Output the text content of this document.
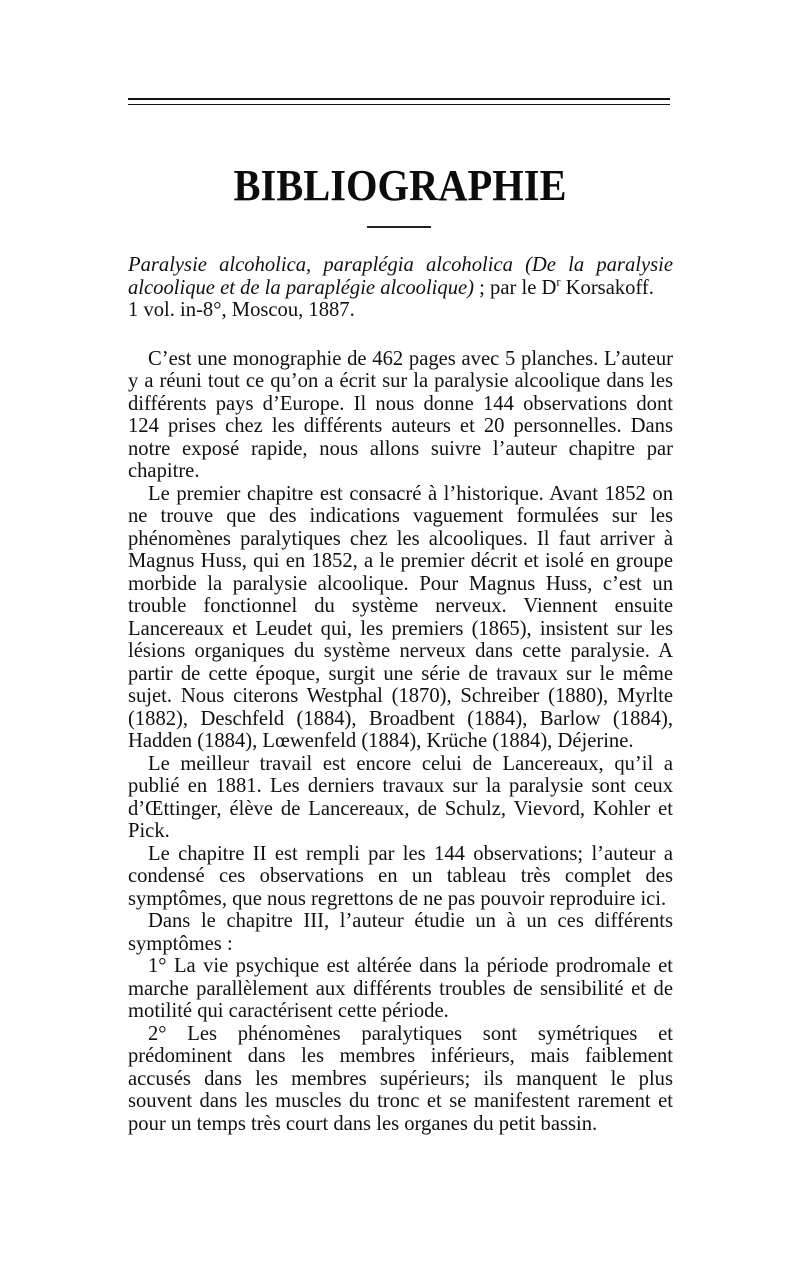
BIBLIOGRAPHIE

Paralysie alcoholica, paraplégia alcoholica (De la paralysie alcoolique et de la paraplégie alcoolique) ; par le $D^r$ Korsakoff.
1 vol. in-8°, Moscou, 1887.

C’est une monographie de 462 pages avec 5 planches. L’auteur y a réuni tout ce qu’on a écrit sur la paralysie alcoolique dans les différents pays d’Europe. Il nous donne 144 observations dont 124 prises chez les différents auteurs et 20 personnelles. Dans notre exposé rapide, nous allons suivre l’auteur chapitre par chapitre.

Le premier chapitre est consacré à l’historique. Avant 1852 on ne trouve que des indications vaguement formulées sur les phénomènes paralytiques chez les alcooliques. Il faut arriver à Magnus Huss, qui en 1852, a le premier décrit et isolé en groupe morbide la paralysie alcoolique. Pour Magnus Huss, c’est un trouble fonctionnel du système nerveux. Viennent ensuite Lancereaux et Leudet qui, les premiers (1865), insistent sur les lésions organiques du système nerveux dans cette paralysie. A partir de cette époque, surgit une série de travaux sur le même sujet. Nous citerons Westphal (1870), Schreiber (1880), Myrlte (1882), Deschfeld (1884), Broadbent (1884), Barlow (1884), Hadden (1884), Lœwenfeld (1884), Krüche (1884), Déjerine.

Le meilleur travail est encore celui de Lancereaux, qu’il a publié en 1881. Les derniers travaux sur la paralysie sont ceux d’Œttinger, élève de Lancereaux, de Schulz, Vievord, Kohler et Pick.

Le chapitre II est rempli par les 144 observations; l’auteur a condensé ces observations en un tableau très complet des symptômes, que nous regrettons de ne pas pouvoir reproduire ici.

Dans le chapitre III, l’auteur étudie un à un ces différents symptômes :

1° La vie psychique est altérée dans la période prodromale et marche parallèlement aux différents troubles de sensibilité et de motilité qui caractérisent cette période.

2° Les phénomènes paralytiques sont symétriques et prédominent dans les membres inférieurs, mais faiblement accusés dans les membres supérieurs; ils manquent le plus souvent dans les muscles du tronc et se manifestent rarement et pour un temps très court dans les organes du petit bassin.
